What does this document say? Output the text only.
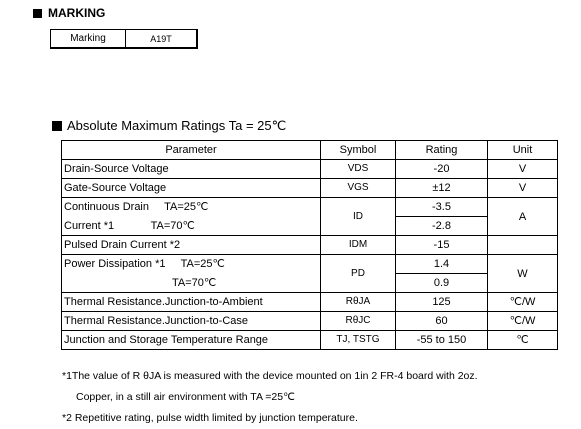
MARKING
Marking	A19T
Absolute Maximum Ratings Ta = 25℃
Parameter	Symbol	Rating	Unit
Drain-Source Voltage	VDS	-20	V
Gate-Source Voltage	VGS	±12	V
Continuous Drain TA=25℃	ID	-3.5	A
Current *1 TA=70℃		-2.8	
Pulsed Drain Current *2	IDM	-15	
Power Dissipation *1 TA=25℃	PD	1.4	W
TA=70℃		0.9	
Thermal Resistance.Junction-to-Ambient	RθJA	125	℃/W
Thermal Resistance.Junction-to-Case	RθJC	60	℃/W
Junction and Storage Temperature Range	TJ, TSTG	-55 to 150	℃
*1The value of R θJA is measured with the device mounted on 1in 2 FR-4 board with 2oz.
Copper, in a still air environment with TA =25℃
*2 Repetitive rating, pulse width limited by junction temperature.
